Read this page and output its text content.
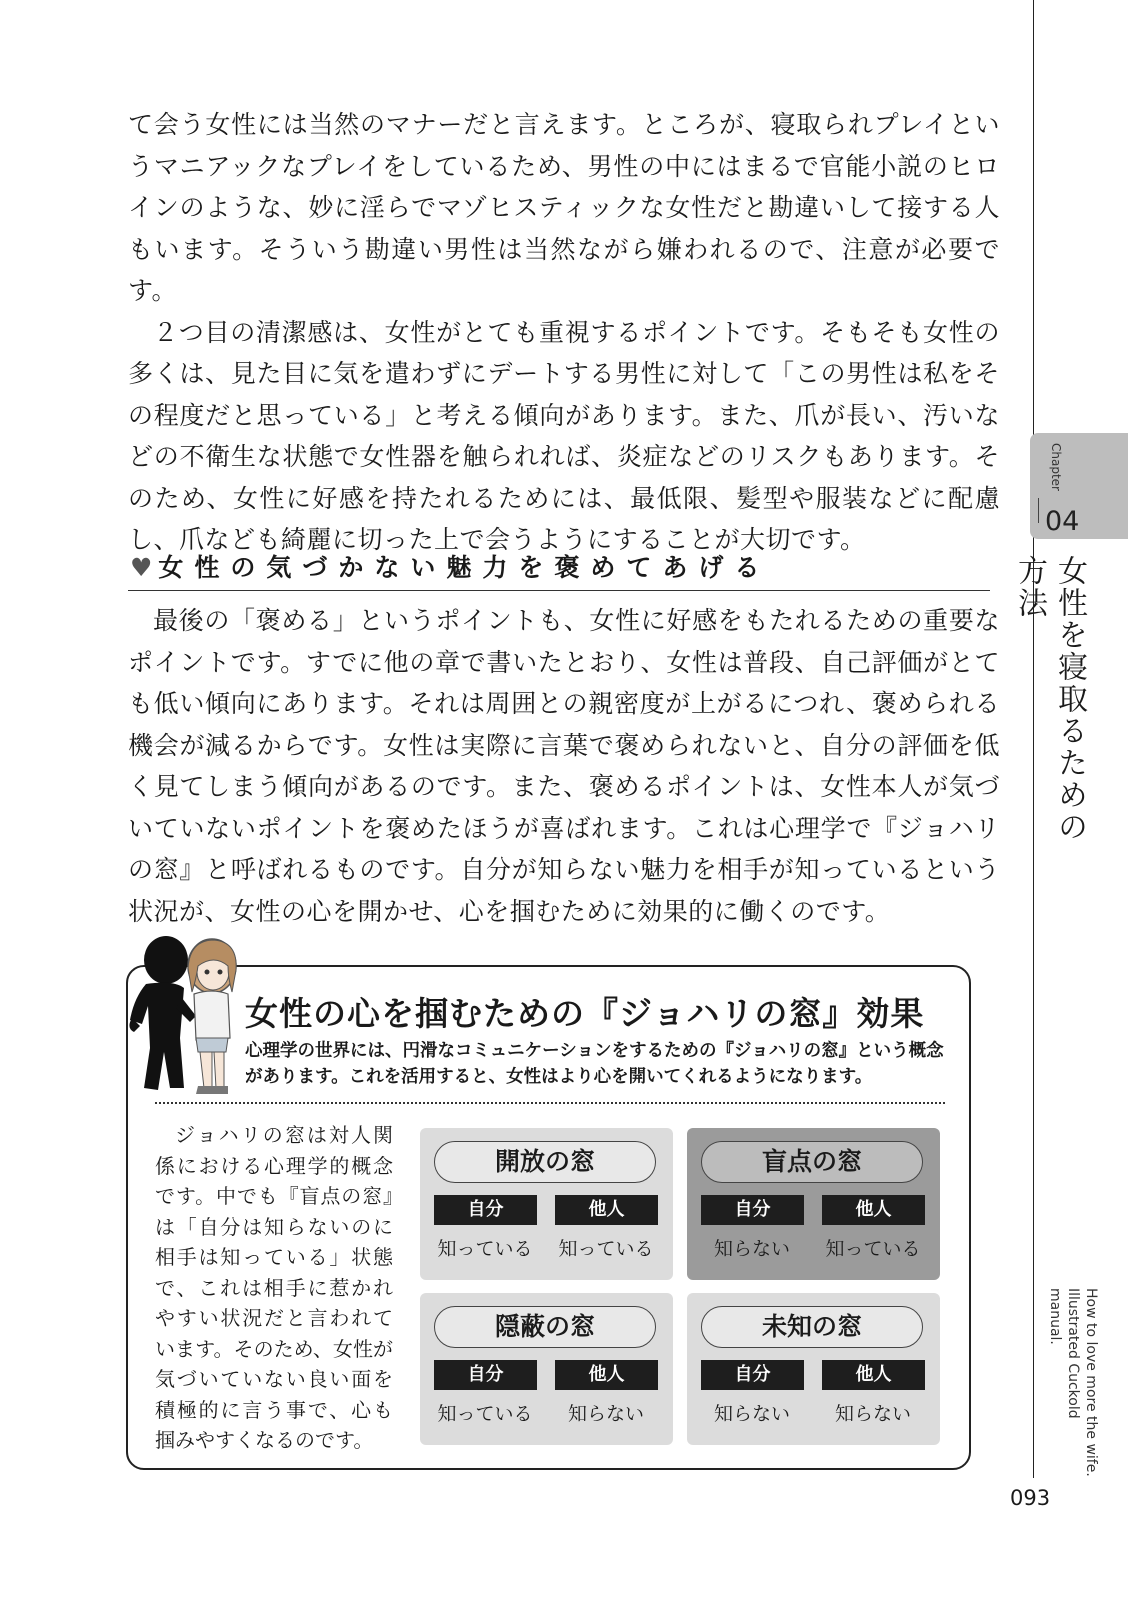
て会う女性には当然のマナーだと言えます。ところが、寝取られプレイというマニアックなプレイをしているため、男性の中にはまるで官能小説のヒロインのような、妙に淫らでマゾヒスティックな女性だと勘違いして接する人もいます。そういう勘違い男性は当然ながら嫌われるので、注意が必要です。
２つ目の清潔感は、女性がとても重視するポイントです。そもそも女性の多くは、見た目に気を遣わずにデートする男性に対して「この男性は私をその程度だと思っている」と考える傾向があります。また、爪が長い、汚いなどの不衛生な状態で女性器を触られれば、炎症などのリスクもあります。そのため、女性に好感を持たれるためには、最低限、髪型や服装などに配慮し、爪なども綺麗に切った上で会うようにすることが大切です。

♥ 女性の気づかない魅力を褒めてあげる

最後の「褒める」というポイントも、女性に好感をもたれるための重要なポイントです。すでに他の章で書いたとおり、女性は普段、自己評価がとても低い傾向にあります。それは周囲との親密度が上がるにつれ、褒められる機会が減るからです。女性は実際に言葉で褒められないと、自分の評価を低く見てしまう傾向があるのです。また、褒めるポイントは、女性本人が気づいていないポイントを褒めたほうが喜ばれます。これは心理学で『ジョハリの窓』と呼ばれるものです。自分が知らない魅力を相手が知っているという状況が、女性の心を開かせ、心を掴むために効果的に働くのです。

Chapter

04

女性を寝取るための方法

How to love more the wife. Illustrated Cuckold manual.

093

女性の心を掴むための『ジョハリの窓』効果

心理学の世界には、円滑なコミュニケーションをするための『ジョハリの窓』という概念があります。これを活用すると、女性はより心を開いてくれるようになります。

ジョハリの窓は対人関係における心理学的概念です。中でも『盲点の窓』は「自分は知らないのに相手は知っている」状態で、これは相手に惹かれやすい状況だと言われています。そのため、女性が気づいていない良い面を積極的に言う事で、心も掴みやすくなるのです。

開放の窓
自分	他人
知っている	知っている
盲点の窓
自分	他人
知らない	知っている
隠蔽の窓
自分	他人
知っている	知らない
未知の窓
自分	他人
知らない	知らない
